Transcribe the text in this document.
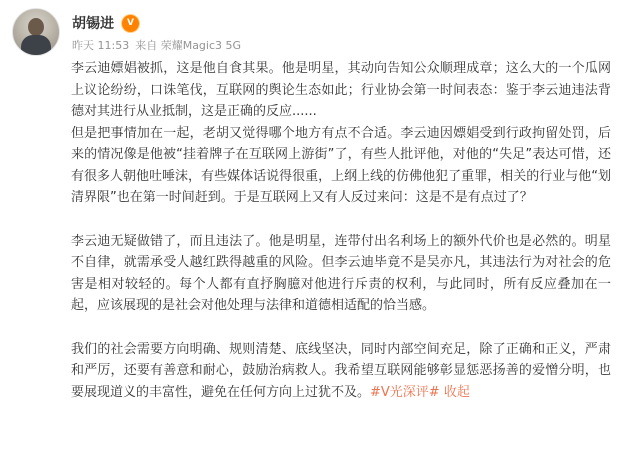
胡锡进	V
昨天 11:53 来自 荣耀Magic3 5G

李云迪嫖娼被抓，这是他自食其果。他是明星，其动向告知公众顺理成章；这么大的一个瓜网上议论纷纷，口诛笔伐，互联网的舆论生态如此；行业协会第一时间表态：鉴于李云迪违法背德对其进行从业抵制，这是正确的反应......

但是把事情加在一起，老胡又觉得哪个地方有点不合适。李云迪因嫖娼受到行政拘留处罚，后来的情况像是他被“挂着牌子在互联网上游街”了，有些人批评他，对他的“失足”表达可惜，还有很多人朝他吐唾沫，有些媒体话说得很重，上纲上线的仿佛他犯了重罪，相关的行业与他“划清界限”也在第一时间赶到。于是互联网上又有人反过来问：这是不是有点过了？

李云迪无疑做错了，而且违法了。他是明星，连带付出名利场上的额外代价也是必然的。明星不自律，就需承受人越红跌得越重的风险。但李云迪毕竟不是吴亦凡，其违法行为对社会的危害是相对较轻的。每个人都有直抒胸臆对他进行斥责的权利，与此同时，所有反应叠加在一起，应该展现的是社会对他处理与法律和道德相适配的恰当感。

我们的社会需要方向明确、规则清楚、底线坚决，同时内部空间充足，除了正确和正义，严肃和严厉，还要有善意和耐心，鼓励治病救人。我希望互联网能够彰显惩恶扬善的爱憎分明，也要展现道义的丰富性，避免在任何方向上过犹不及。#V光深评# 收起
